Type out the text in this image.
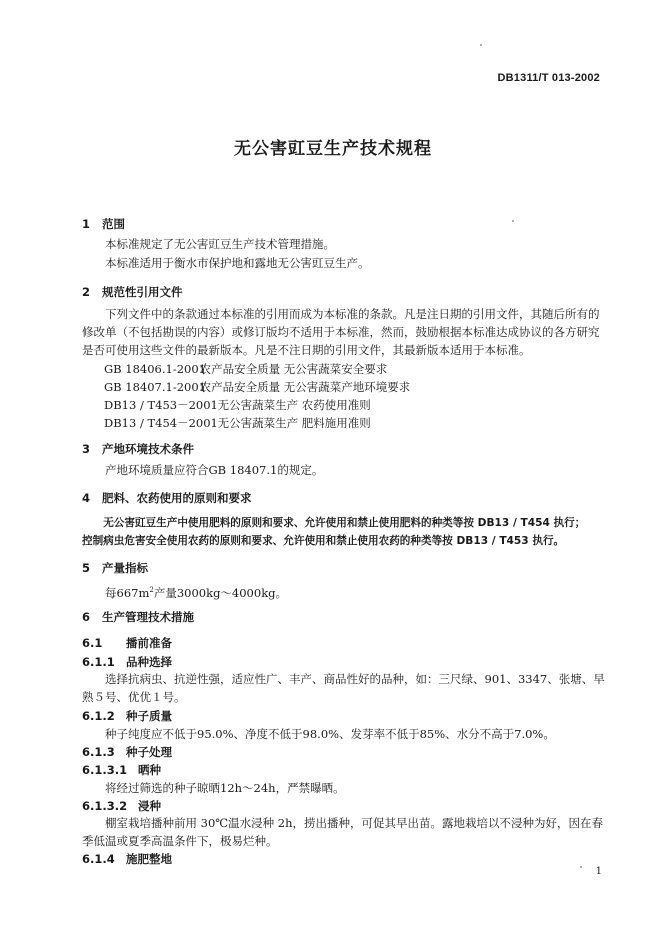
DB1311/T 013-2002
无公害豇豆生产技术规程
1 范围
本标准规定了无公害豇豆生产技术管理措施。
本标准适用于衡水市保护地和露地无公害豇豆生产。
2 规范性引用文件
下列文件中的条款通过本标准的引用而成为本标准的条款。凡是注日期的引用文件，其随后所有的
修改单（不包括勘误的内容）或修订版均不适用于本标准，然而，鼓励根据本标准达成协议的各方研究
是否可使用这些文件的最新版本。凡是不注日期的引用文件，其最新版本适用于本标准。
GB 18406.1-2001 农产品安全质量 无公害蔬菜安全要求
GB 18407.1-2001 农产品安全质量 无公害蔬菜产地环境要求
DB13 / T453－2001 无公害蔬菜生产 农药使用准则
DB13 / T454－2001 无公害蔬菜生产 肥料施用准则
3 产地环境技术条件
产地环境质量应符合GB 18407.1的规定。
4 肥料、农药使用的原则和要求
无公害豇豆生产中使用肥料的原则和要求、允许使用和禁止使用肥料的种类等按 DB13 / T454 执行；
控制病虫危害安全使用农药的原则和要求、允许使用和禁止使用农药的种类等按 DB13 / T453 执行。
5 产量指标
每$667m^2$产量3000kg～4000kg。
6 生产管理技术措施
6.1 播前准备
6.1.1 品种选择
选择抗病虫、抗逆性强，适应性广、丰产、商品性好的品种，如：三尺绿、901、3347、张塘、早
熟５号、优优１号。
6.1.2 种子质量
种子纯度应不低于95.0%、净度不低于98.0%、发芽率不低于85%、水分不高于7.0%。
6.1.3 种子处理
6.1.3.1 晒种
将经过筛选的种子晾晒12h～24h，严禁曝晒。
6.1.3.2 浸种
棚室栽培播种前用 30℃温水浸种 2h，捞出播种，可促其早出苗。露地栽培以不浸种为好，因在春
季低温或夏季高温条件下，极易烂种。
6.1.4 施肥整地
1
